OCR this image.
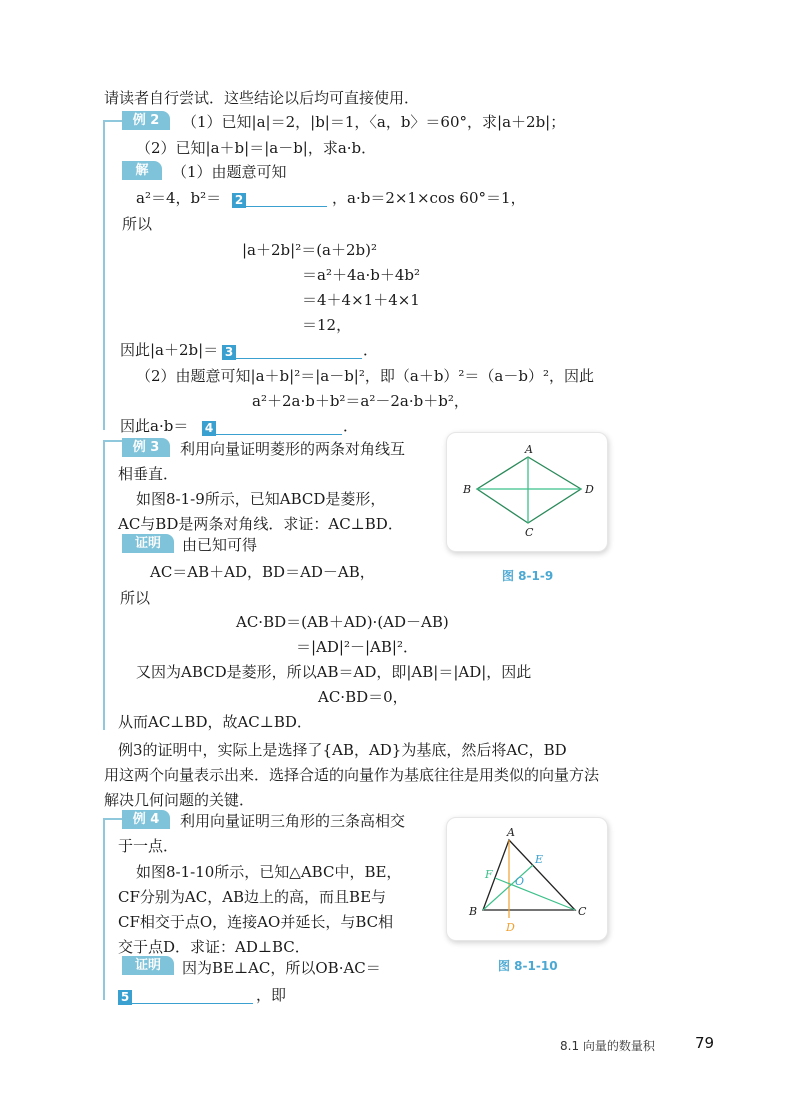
例 2
解
例 3
证明
例 4
证明
请读者自行尝试．这些结论以后均可直接使用．
（1）已知|a|＝2，|b|＝1，〈a，b〉＝60°，求|a＋2b|；
（2）已知|a＋b|＝|a－b|，求a·b．
（1）由题意可知
a²＝4，b²＝ 2	，a·b＝2×1×cos 60°＝1，
所以
|a＋2b|²＝(a＋2b)²
＝a²＋4a·b＋4b²
＝4＋4×1＋4×1
＝12，
因此|a＋2b|＝ 3	．
（2）由题意可知|a＋b|²＝|a－b|²，即（a＋b）²＝（a－b）²，因此
a²＋2a·b＋b²＝a²－2a·b＋b²，
因此a·b＝ 4	．
利用向量证明菱形的两条对角线互
相垂直．
如图8-1-9所示，已知ABCD是菱形，
AC与BD是两条对角线．求证：AC⊥BD．
由已知可得
AC＝AB＋AD，BD＝AD－AB，
所以
AC·BD＝(AB＋AD)·(AD－AB)
＝|AD|²－|AB|²．
又因为ABCD是菱形，所以AB＝AD，即|AB|＝|AD|，因此
AC·BD＝0，
从而AC⊥BD，故AC⊥BD．
例3的证明中，实际上是选择了{AB，AD}为基底，然后将AC，BD
用这两个向量表示出来．选择合适的向量作为基底往往是用类似的向量方法
解决几何问题的关键．
利用向量证明三角形的三条高相交
于一点．
如图8-1-10所示，已知△ABC中，BE，
CF分别为AC，AB边上的高，而且BE与
CF相交于点O，连接AO并延长，与BC相
交于点D．求证：AD⊥BC．
因为BE⊥AC，所以OB·AC＝
5	，即
A
B
C
D
图 8-1-9
A
B	C
D
E
F
O
图 8-1-10
8.1 向量的数量积	79
